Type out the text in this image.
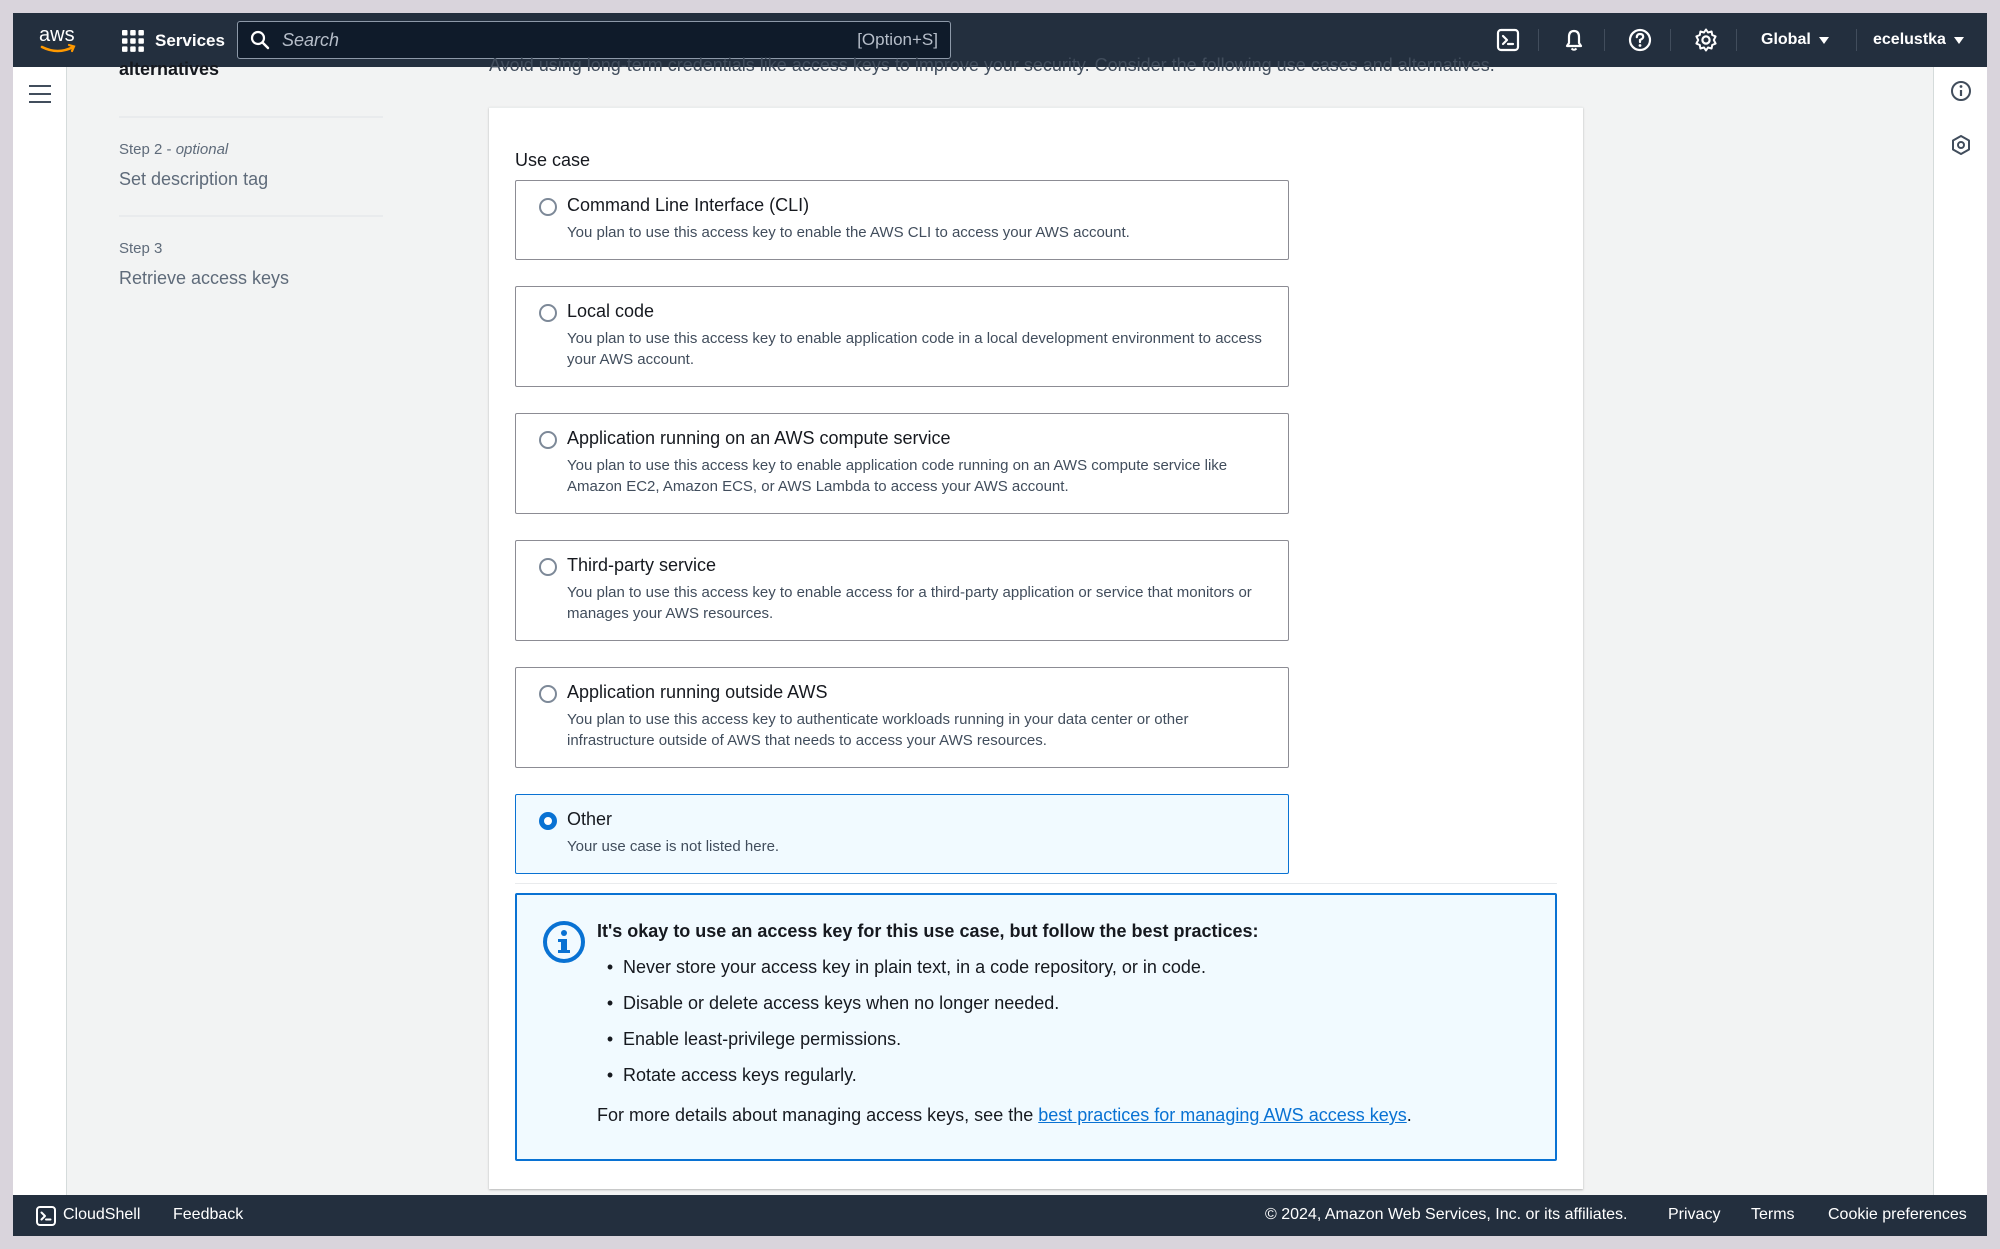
aws	Services
Search	[Option+S]	Global	ecelustka
alternatives
Step 2 - optional
Set description tag
Step 3
Retrieve access keys
Avoid using long-term credentials like access keys to improve your security. Consider the following use cases and alternatives.
Use case
Command Line Interface (CLI)
You plan to use this access key to enable the AWS CLI to access your AWS account.
Local code
You plan to use this access key to enable application code in a local development environment to access your AWS account.
Application running on an AWS compute service
You plan to use this access key to enable application code running on an AWS compute service like Amazon EC2, Amazon ECS, or AWS Lambda to access your AWS account.
Third-party service
You plan to use this access key to enable access for a third-party application or service that monitors or manages your AWS resources.
Application running outside AWS
You plan to use this access key to authenticate workloads running in your data center or other infrastructure outside of AWS that needs to access your AWS resources.
Other
Your use case is not listed here.
It's okay to use an access key for this use case, but follow the best practices:
• Never store your access key in plain text, in a code repository, or in code.
• Disable or delete access keys when no longer needed.
• Enable least-privilege permissions.
• Rotate access keys regularly.
For more details about managing access keys, see the best practices for managing AWS access keys.
CloudShell Feedback	© 2024, Amazon Web Services, Inc. or its affiliates.	Privacy Terms Cookie preferences
